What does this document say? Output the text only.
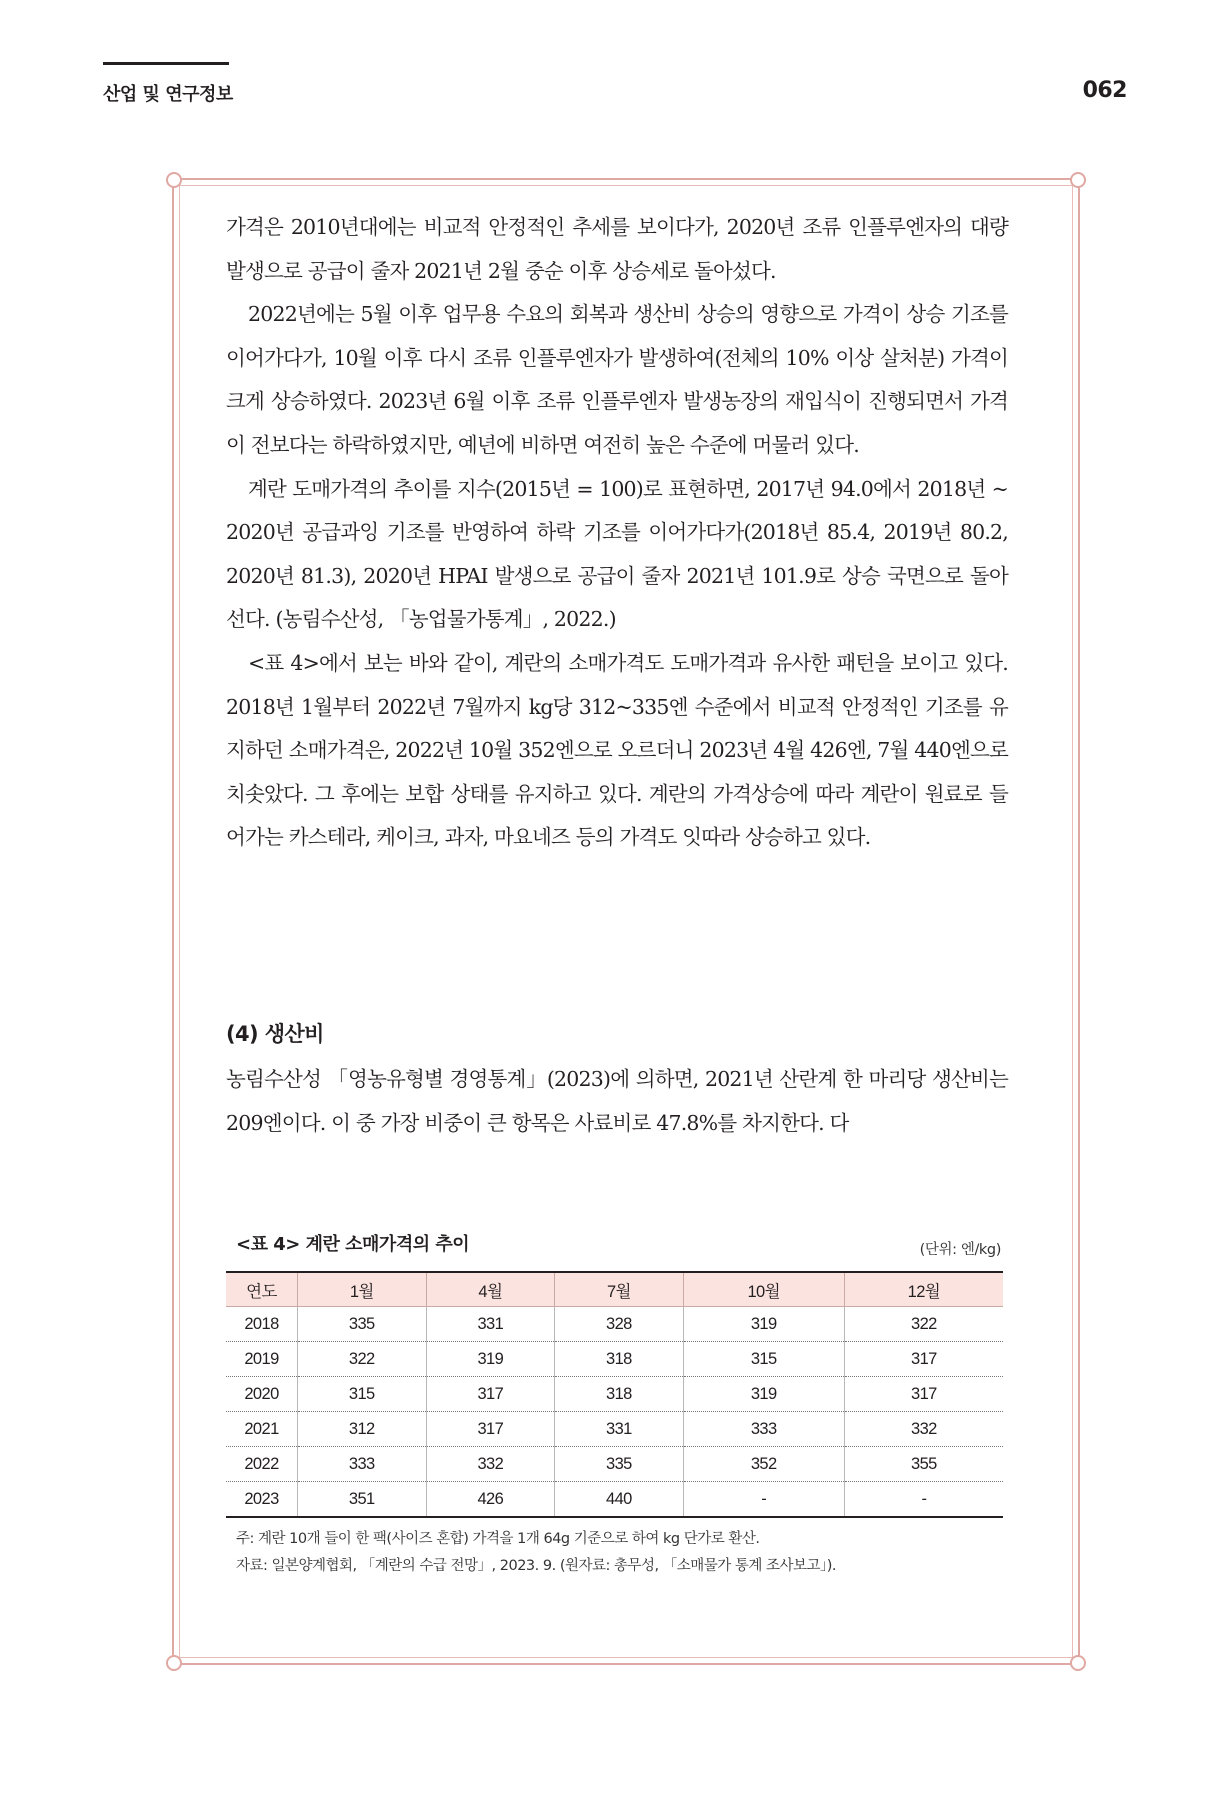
산업 및 연구정보	062

가격은 2010년대에는 비교적 안정적인 추세를 보이다가, 2020년 조류 인플루엔자의 대량 발생으로 공급이 줄자 2021년 2월 중순 이후 상승세로 돌아섰다.

2022년에는 5월 이후 업무용 수요의 회복과 생산비 상승의 영향으로 가격이 상승 기조를 이어가다가, 10월 이후 다시 조류 인플루엔자가 발생하여(전체의 10% 이상 살처분) 가격이 크게 상승하였다. 2023년 6월 이후 조류 인플루엔자 발생농장의 재입식이 진행되면서 가격이 전보다는 하락하였지만, 예년에 비하면 여전히 높은 수준에 머물러 있다.

계란 도매가격의 추이를 지수(2015년 = 100)로 표현하면, 2017년 94.0에서 2018년 ~ 2020년 공급과잉 기조를 반영하여 하락 기조를 이어가다가(2018년 85.4, 2019년 80.2, 2020년 81.3), 2020년 HPAI 발생으로 공급이 줄자 2021년 101.9로 상승 국면으로 돌아선다. (농림수산성, 「농업물가통계」, 2022.)

<표 4>에서 보는 바와 같이, 계란의 소매가격도 도매가격과 유사한 패턴을 보이고 있다. 2018년 1월부터 2022년 7월까지 kg당 312~335엔 수준에서 비교적 안정적인 기조를 유지하던 소매가격은, 2022년 10월 352엔으로 오르더니 2023년 4월 426엔, 7월 440엔으로 치솟았다. 그 후에는 보합 상태를 유지하고 있다. 계란의 가격상승에 따라 계란이 원료로 들어가는 카스테라, 케이크, 과자, 마요네즈 등의 가격도 잇따라 상승하고 있다.

(4) 생산비

농림수산성 「영농유형별 경영통계」(2023)에 의하면, 2021년 산란계 한 마리당 생산비는 209엔이다. 이 중 가장 비중이 큰 항목은 사료비로 47.8%를 차지한다. 다

<표 4> 계란 소매가격의 추이	(단위: 엔/kg)
연도	1월	4월	7월	10월	12월
2018	335	331	328	319	322
2019	322	319	318	315	317
2020	315	317	318	319	317
2021	312	317	331	333	332
2022	333	332	335	352	355
2023	351	426	440	-	-
주: 계란 10개 들이 한 팩(사이즈 혼합) 가격을 1개 64g 기준으로 하여 kg 단가로 환산.
자료: 일본양계협회, 「계란의 수급 전망」, 2023. 9. (원자료: 총무성, 「소매물가 통계 조사보고」).
